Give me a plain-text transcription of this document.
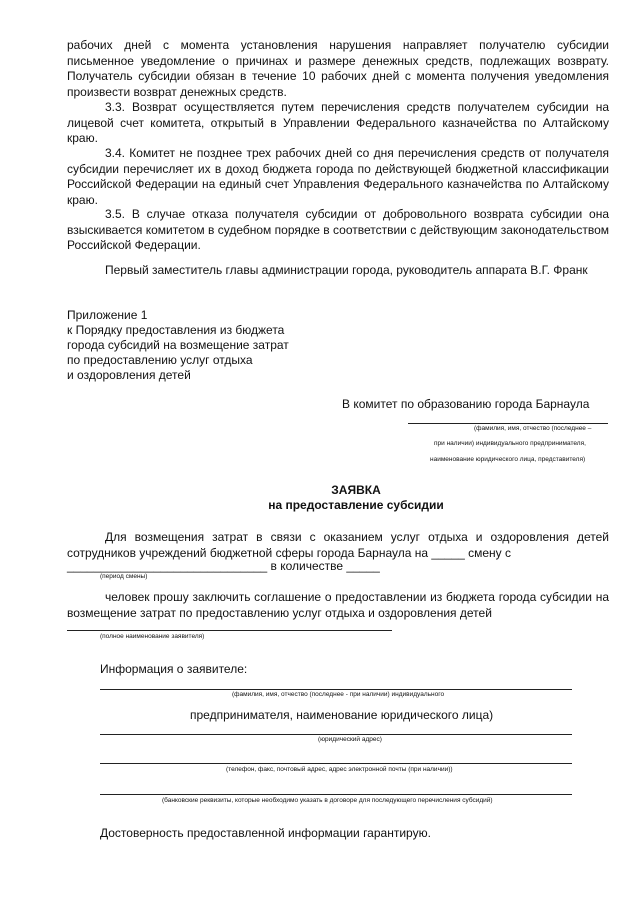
рабочих дней с момента установления нарушения направляет получателю субсидии письменное уведомление о причинах и размере денежных средств, подлежащих возврату. Получатель субсидии обязан в течение 10 рабочих дней с момента получения уведомления произвести возврат денежных средств.

3.3. Возврат осуществляется путем перечисления средств получателем субсидии на лицевой счет комитета, открытый в Управлении Федерального казначейства по Алтайскому краю.

3.4. Комитет не позднее трех рабочих дней со дня перечисления средств от получателя субсидии перечисляет их в доход бюджета города по действующей бюджетной классификации Российской Федерации на единый счет Управления Федерального казначейства по Алтайскому краю.

3.5. В случае отказа получателя субсидии от добровольного возврата субсидии она взыскивается комитетом в судебном порядке в соответствии с действующим законодательством Российской Федерации.

Первый заместитель главы администрации города, руководитель аппарата В.Г. Франк

Приложение 1
к Порядку предоставления из бюджета
города субсидий на возмещение затрат
по предоставлению услуг отдыха
и оздоровления детей
В комитет по образованию города Барнаула
(фамилия, имя, отчество (последнее –
при наличии) индивидуального предпринимателя,
наименование юридического лица, представителя)
ЗАЯВКА
на предоставление субсидии

Для возмещения затрат в связи с оказанием услуг отдыха и оздоровления детей сотрудников учреждений бюджетной сферы города Барнаула на _____ смену с

______________________________ в количестве _____
(период смены)

человек прошу заключить соглашение о предоставлении из бюджета города субсидии на возмещение затрат по предоставлению услуг отдыха и оздоровления детей

(полное наименование заявителя)
Информация о заявителе:
(фамилия, имя, отчество (последнее - при наличии) индивидуального
предпринимателя, наименование юридического лица)
(юридический адрес)
(телефон, факс, почтовый адрес, адрес электронной почты (при наличии))
(банковские реквизиты, которые необходимо указать в договоре для последующего перечисления субсидий)
Достоверность предоставленной информации гарантирую.
